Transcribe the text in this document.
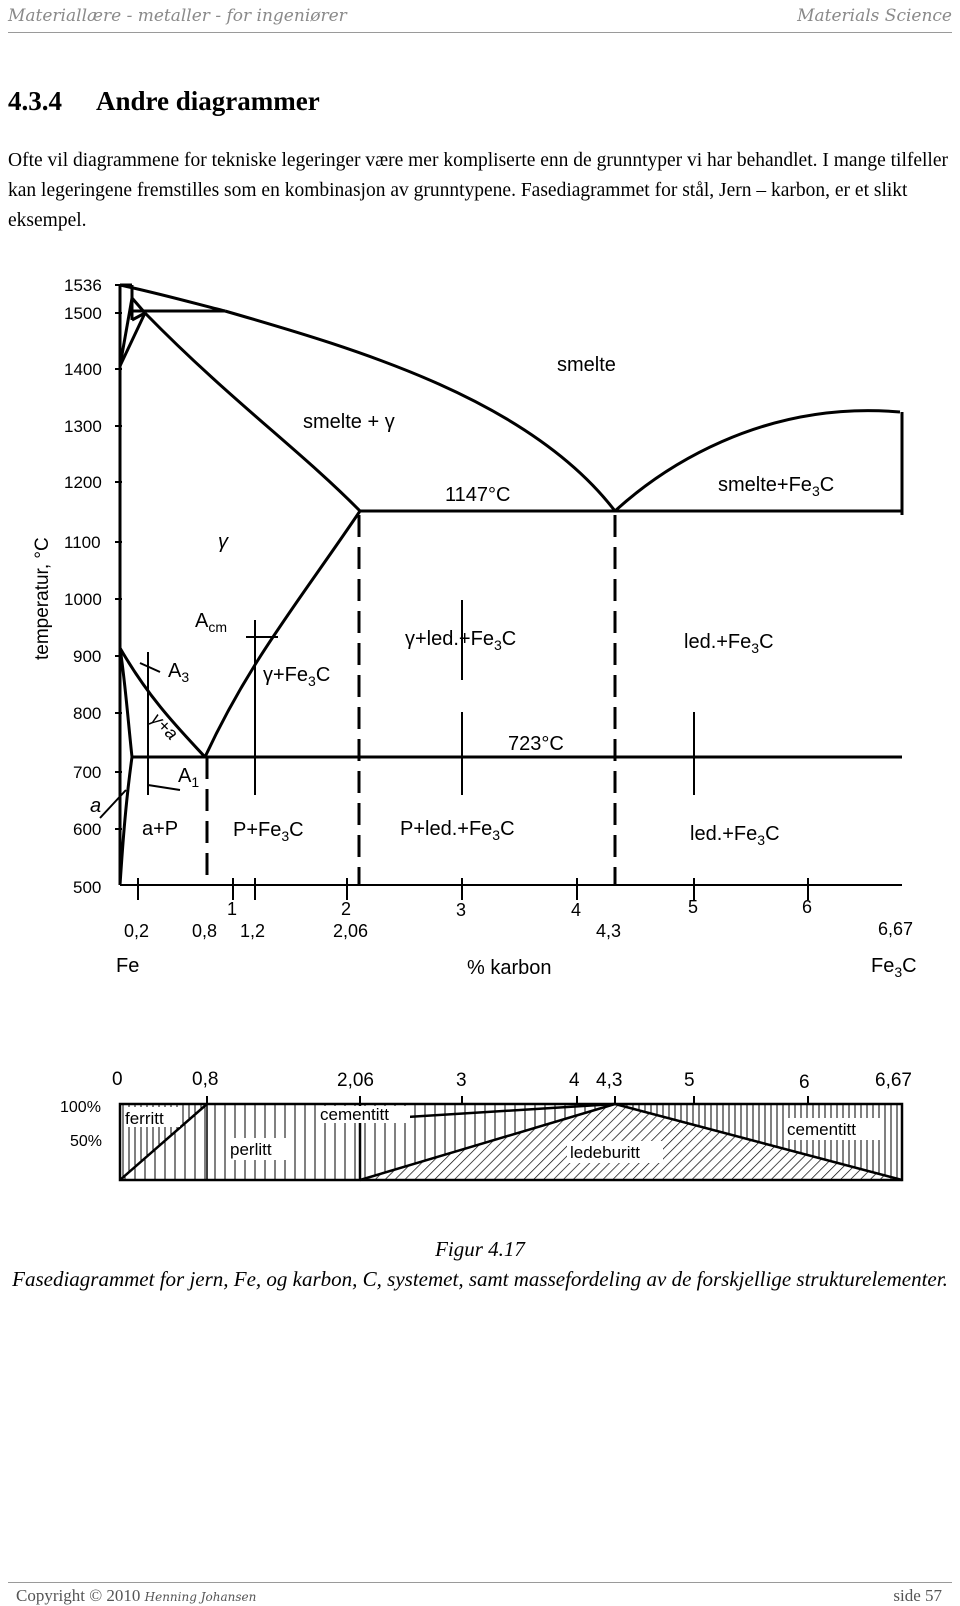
Materiallære - metaller - for ingeniører	Materials Science
4.3.4 Andre diagrammer
Ofte vil diagrammene for tekniske legeringer være mer kompliserte enn de grunntyper vi har behandlet. I mange tilfeller kan legeringene fremstilles som en kombinasjon av grunntypene. Fasediagrammet for stål, Jern – karbon, er et slikt eksempel.
1536
1500
1400
1300
1200
1100
1000
900
800
700
600
500
temperatur, °C
smelte
smelte + γ
$smelte+Fe_3C$
1147°C
γ
$A_{cm}$
$\gamma+led.+Fe_3C$	$led.+Fe_3C$
$A_3$	$\gamma+Fe_3C$
γ+a
723°C
$A_1$
a
a+P	$P+Fe_3C$	$P+led.+Fe_3C$	$led.+Fe_3C$
1	2	3	4	5	6
0,2 0,8 1,2	2,06	4,3	6,67
Fe	% karbon	$Fe_3C$
0	0,8	2,06	3	4 4,3	5	6	6,67
100%
50%
ferritt
perlitt
cementitt
ledeburitt
cementitt
Figur 4.17
Fasediagrammet for jern, Fe, og karbon, C, systemet, samt massefordeling av de forskjellige strukturelementer.
Copyright © 2010 Henning Johansen	side 57
